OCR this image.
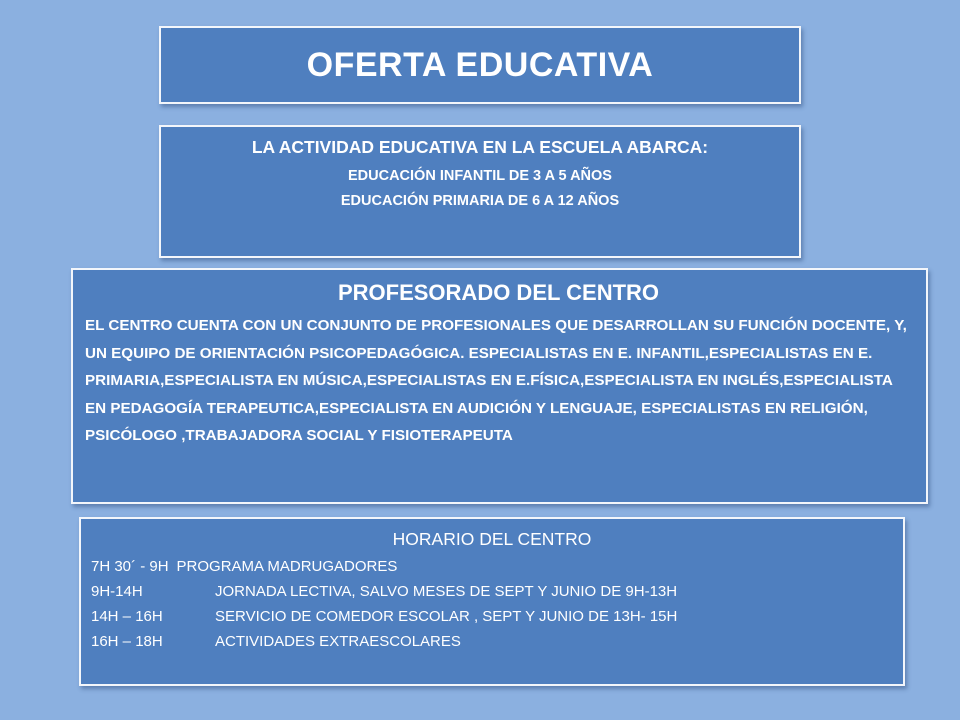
OFERTA EDUCATIVA
LA ACTIVIDAD EDUCATIVA EN LA ESCUELA ABARCA:
EDUCACIÓN INFANTIL DE 3 A 5 AÑOS
EDUCACIÓN PRIMARIA DE 6 A 12 AÑOS
PROFESORADO DEL CENTRO
EL CENTRO CUENTA CON UN CONJUNTO DE PROFESIONALES QUE DESARROLLAN SU FUNCIÓN DOCENTE, Y, UN EQUIPO DE ORIENTACIÓN PSICOPEDAGÓGICA. ESPECIALISTAS EN E. INFANTIL,ESPECIALISTAS EN E. PRIMARIA,ESPECIALISTA EN MÚSICA,ESPECIALISTAS EN E.FÍSICA,ESPECIALISTA EN INGLÉS,ESPECIALISTA EN PEDAGOGÍA TERAPEUTICA,ESPECIALISTA EN AUDICIÓN Y LENGUAJE, ESPECIALISTAS EN RELIGIÓN, PSICÓLOGO ,TRABAJADORA SOCIAL Y FISIOTERAPEUTA
HORARIO DEL CENTRO
7H 30´ - 9H PROGRAMA MADRUGADORES
9H-14H	JORNADA LECTIVA, SALVO MESES DE SEPT Y JUNIO DE 9H-13H
14H – 16H	SERVICIO DE COMEDOR ESCOLAR , SEPT Y JUNIO DE 13H- 15H
16H – 18H	ACTIVIDADES EXTRAESCOLARES
